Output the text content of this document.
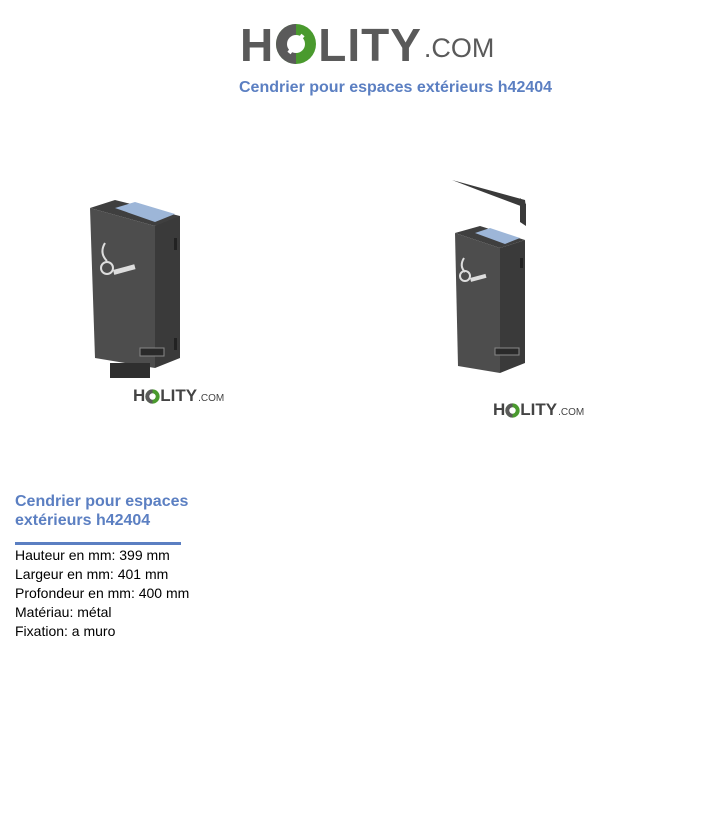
H LITY .COM
Cendrier pour espaces extérieurs h42404
H LITY .COM
H LITY .COM
Cendrier pour espaces extérieurs h42404
Hauteur en mm: 399 mm
Largeur en mm: 401 mm
Profondeur en mm: 400 mm
Matériau: métal
Fixation: a muro
